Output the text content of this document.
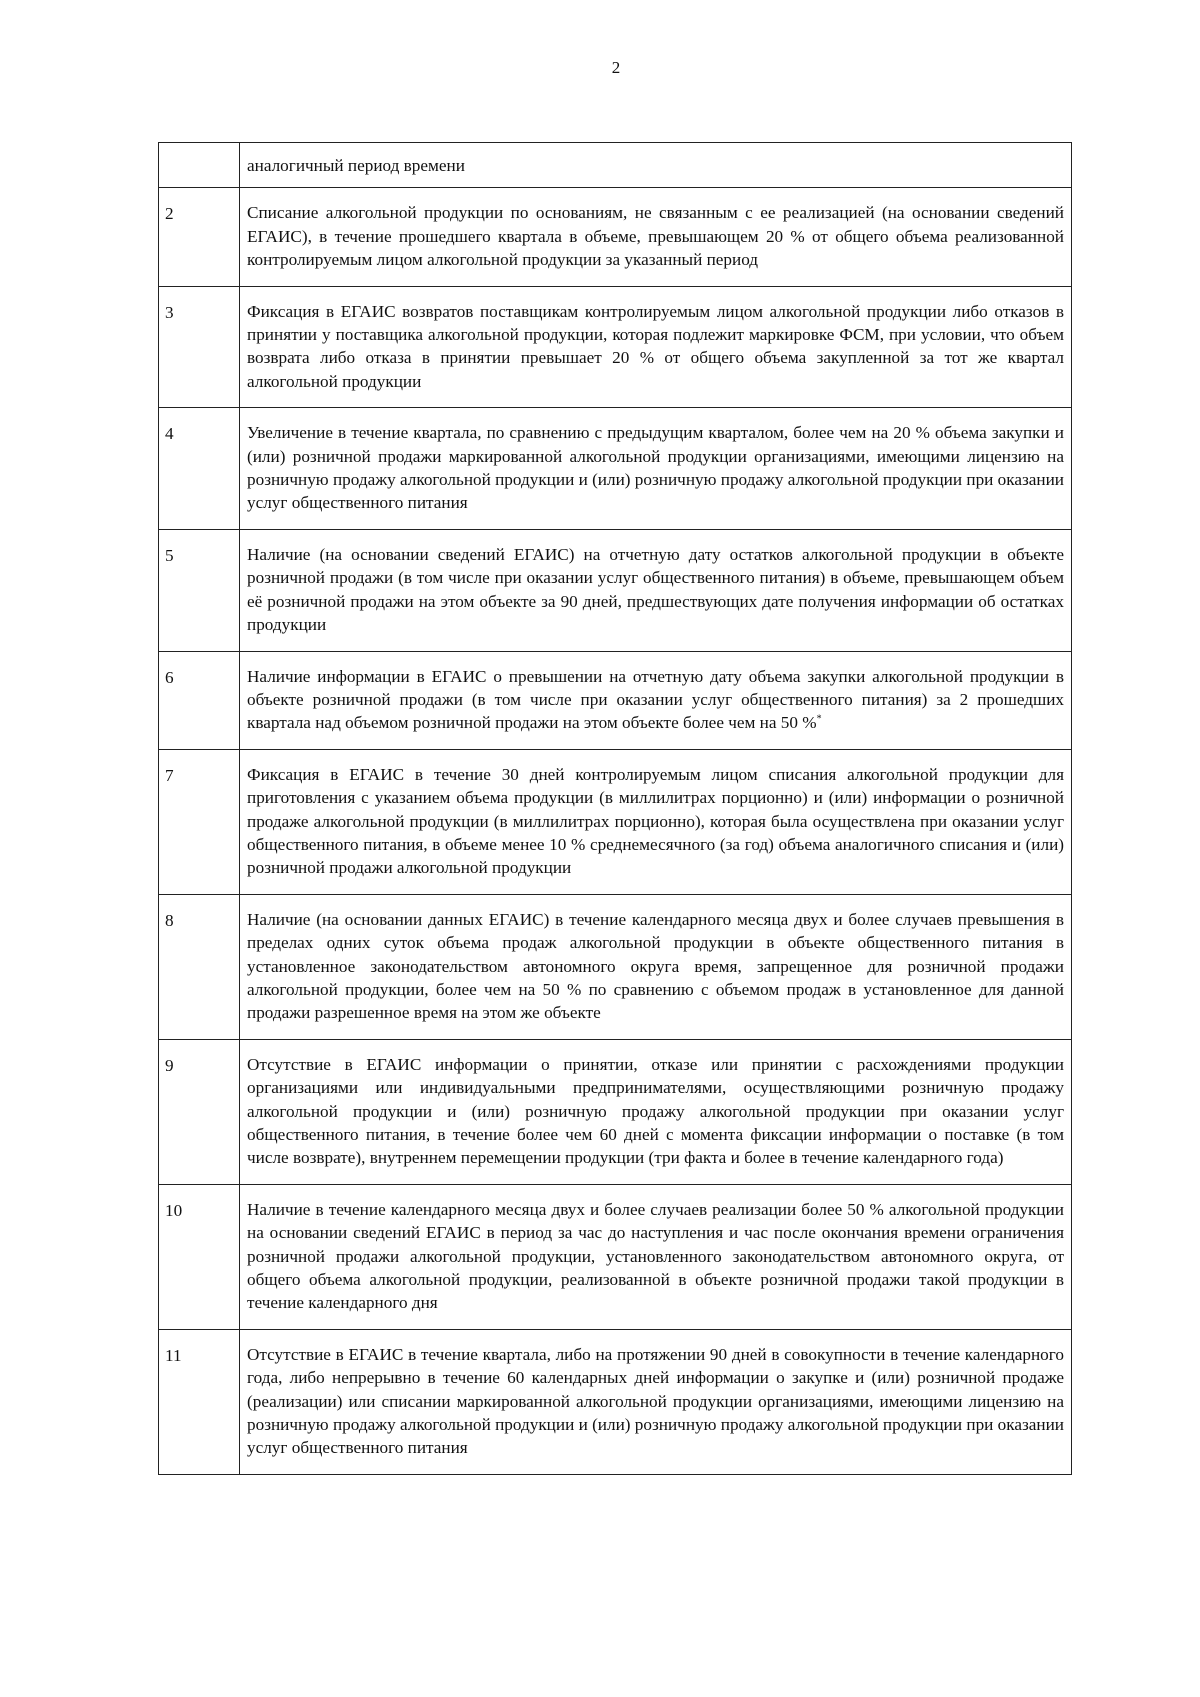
2
	аналогичный период времени
2	Списание алкогольной продукции по основаниям, не связанным с ее реализацией (на основании сведений ЕГАИС), в течение прошедшего квартала в объеме, превышающем 20 % от общего объема реализованной контролируемым лицом алкогольной продукции за указанный период
3	Фиксация в ЕГАИС возвратов поставщикам контролируемым лицом алкогольной продукции либо отказов в принятии у поставщика алкогольной продукции, которая подлежит маркировке ФСМ, при условии, что объем возврата либо отказа в принятии превышает 20 % от общего объема закупленной за тот же квартал алкогольной продукции
4	Увеличение в течение квартала, по сравнению с предыдущим кварталом, более чем на 20 % объема закупки и (или) розничной продажи маркированной алкогольной продукции организациями, имеющими лицензию на розничную продажу алкогольной продукции и (или) розничную продажу алкогольной продукции при оказании услуг общественного питания
5	Наличие (на основании сведений ЕГАИС) на отчетную дату остатков алкогольной продукции в объекте розничной продажи (в том числе при оказании услуг общественного питания) в объеме, превышающем объем её розничной продажи на этом объекте за 90 дней, предшествующих дате получения информации об остатках продукции
6	Наличие информации в ЕГАИС о превышении на отчетную дату объема закупки алкогольной продукции в объекте розничной продажи (в том числе при оказании услуг общественного питания) за 2 прошедших квартала над объемом розничной продажи на этом объекте более чем на 50 %*
7	Фиксация в ЕГАИС в течение 30 дней контролируемым лицом списания алкогольной продукции для приготовления с указанием объема продукции (в миллилитрах порционно) и (или) информации о розничной продаже алкогольной продукции (в миллилитрах порционно), которая была осуществлена при оказании услуг общественного питания, в объеме менее 10 % среднемесячного (за год) объема аналогичного списания и (или) розничной продажи алкогольной продукции
8	Наличие (на основании данных ЕГАИС) в течение календарного месяца двух и более случаев превышения в пределах одних суток объема продаж алкогольной продукции в объекте общественного питания в установленное законодательством автономного округа время, запрещенное для розничной продажи алкогольной продукции, более чем на 50 % по сравнению с объемом продаж в установленное для данной продажи разрешенное время на этом же объекте
9	Отсутствие в ЕГАИС информации о принятии, отказе или принятии с расхождениями продукции организациями или индивидуальными предпринимателями, осуществляющими розничную продажу алкогольной продукции и (или) розничную продажу алкогольной продукции при оказании услуг общественного питания, в течение более чем 60 дней с момента фиксации информации о поставке (в том числе возврате), внутреннем перемещении продукции (три факта и более в течение календарного года)
10	Наличие в течение календарного месяца двух и более случаев реализации более 50 % алкогольной продукции на основании сведений ЕГАИС в период за час до наступления и час после окончания времени ограничения розничной продажи алкогольной продукции, установленного законодательством автономного округа, от общего объема алкогольной продукции, реализованной в объекте розничной продажи такой продукции в течение календарного дня
11	Отсутствие в ЕГАИС в течение квартала, либо на протяжении 90 дней в совокупности в течение календарного года, либо непрерывно в течение 60 календарных дней информации о закупке и (или) розничной продаже (реализации) или списании маркированной алкогольной продукции организациями, имеющими лицензию на розничную продажу алкогольной продукции и (или) розничную продажу алкогольной продукции при оказании услуг общественного питания
